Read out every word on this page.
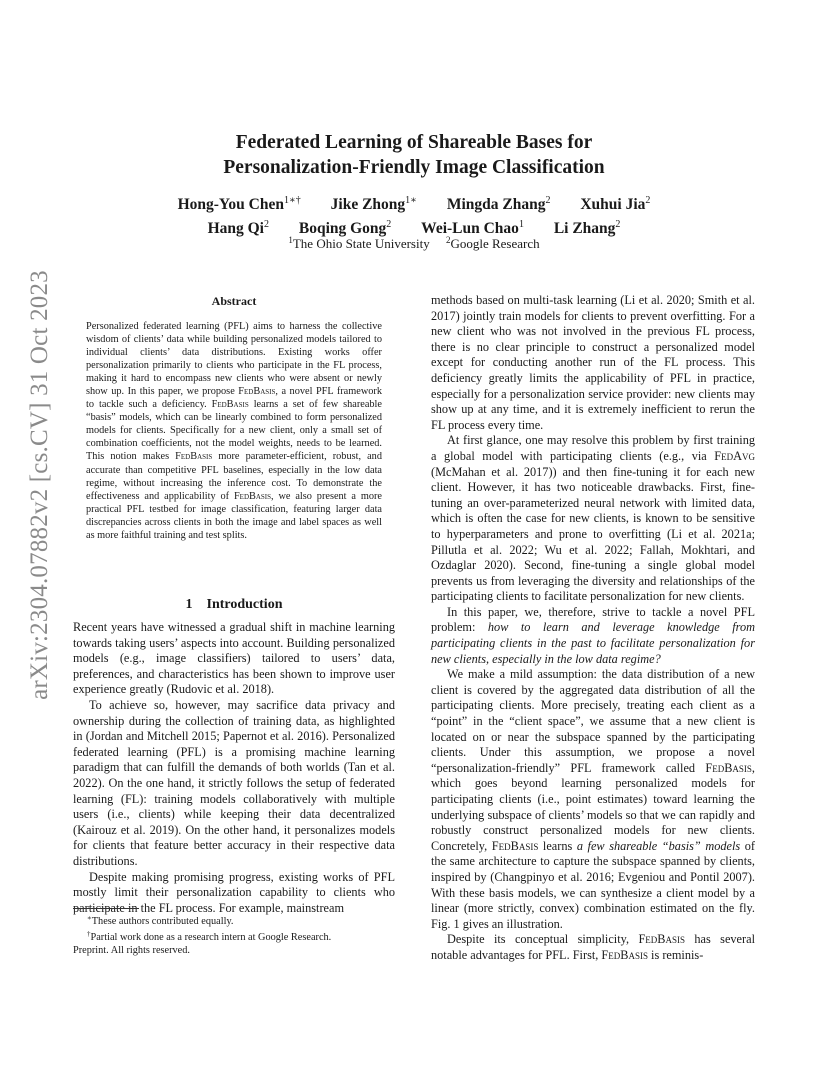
arXiv:2304.07882v2 [cs.CV] 31 Oct 2023
Federated Learning of Shareable Bases for
Personalization-Friendly Image Classification
Hong-You Chen$^{1∗\dagger}$ Jike Zhong$^{1∗}$ Mingda Zhang$^2$ Xuhui Jia$^2$
Hang Qi$^2$ Boqing Gong$^2$ Wei-Lun Chao$^1$ Li Zhang$^2$
$^1$The Ohio State University $^2$Google Research
Abstract
Personalized federated learning (PFL) aims to harness the collective wisdom of clients’ data while building personalized models tailored to individual clients’ data distributions. Existing works offer personalization primarily to clients who participate in the FL process, making it hard to encompass new clients who were absent or newly show up. In this paper, we propose FedBasis, a novel PFL framework to tackle such a deficiency. FedBasis learns a set of few shareable “basis” models, which can be linearly combined to form personalized models for clients. Specifically for a new client, only a small set of combination coefficients, not the model weights, needs to be learned. This notion makes FedBasis more parameter-efficient, robust, and accurate than competitive PFL baselines, especially in the low data regime, without increasing the inference cost. To demonstrate the effectiveness and applicability of FedBasis, we also present a more practical PFL testbed for image classification, featuring larger data discrepancies across clients in both the image and label spaces as well as more faithful training and test splits.
1 Introduction

Recent years have witnessed a gradual shift in machine learning towards taking users’ aspects into account. Building personalized models (e.g., image classifiers) tailored to users’ data, preferences, and characteristics has been shown to improve user experience greatly (Rudovic et al. 2018).

To achieve so, however, may sacrifice data privacy and ownership during the collection of training data, as highlighted in (Jordan and Mitchell 2015; Papernot et al. 2016). Personalized federated learning (PFL) is a promising machine learning paradigm that can fulfill the demands of both worlds (Tan et al. 2022). On the one hand, it strictly follows the setup of federated learning (FL): training models collaboratively with multiple users (i.e., clients) while keeping their data decentralized (Kairouz et al. 2019). On the other hand, it personalizes models for clients that feature better accuracy in their respective data distributions.

Despite making promising progress, existing works of PFL mostly limit their personalization capability to clients who participate in the FL process. For example, mainstream

∗These authors contributed equally.
†Partial work done as a research intern at Google Research.
Preprint. All rights reserved.

methods based on multi-task learning (Li et al. 2020; Smith et al. 2017) jointly train models for clients to prevent overfitting. For a new client who was not involved in the previous FL process, there is no clear principle to construct a personalized model except for conducting another run of the FL process. This deficiency greatly limits the applicability of PFL in practice, especially for a personalization service provider: new clients may show up at any time, and it is extremely inefficient to rerun the FL process every time.

At first glance, one may resolve this problem by first training a global model with participating clients (e.g., via FedAvg (McMahan et al. 2017)) and then fine-tuning it for each new client. However, it has two noticeable drawbacks. First, fine-tuning an over-parameterized neural network with limited data, which is often the case for new clients, is known to be sensitive to hyperparameters and prone to overfitting (Li et al. 2021a; Pillutla et al. 2022; Wu et al. 2022; Fallah, Mokhtari, and Ozdaglar 2020). Second, fine-tuning a single global model prevents us from leveraging the diversity and relationships of the participating clients to facilitate personalization for new clients.

In this paper, we, therefore, strive to tackle a novel PFL problem: how to learn and leverage knowledge from participating clients in the past to facilitate personalization for new clients, especially in the low data regime?

We make a mild assumption: the data distribution of a new client is covered by the aggregated data distribution of all the participating clients. More precisely, treating each client as a “point” in the “client space”, we assume that a new client is located on or near the subspace spanned by the participating clients. Under this assumption, we propose a novel “personalization-friendly” PFL framework called FedBasis, which goes beyond learning personalized models for participating clients (i.e., point estimates) toward learning the underlying subspace of clients’ models so that we can rapidly and robustly construct personalized models for new clients. Concretely, FedBasis learns a few shareable “basis” models of the same architecture to capture the subspace spanned by clients, inspired by (Changpinyo et al. 2016; Evgeniou and Pontil 2007). With these basis models, we can synthesize a client model by a linear (more strictly, convex) combination estimated on the fly. Fig. 1 gives an illustration.

Despite its conceptual simplicity, FedBasis has several notable advantages for PFL. First, FedBasis is reminis-
